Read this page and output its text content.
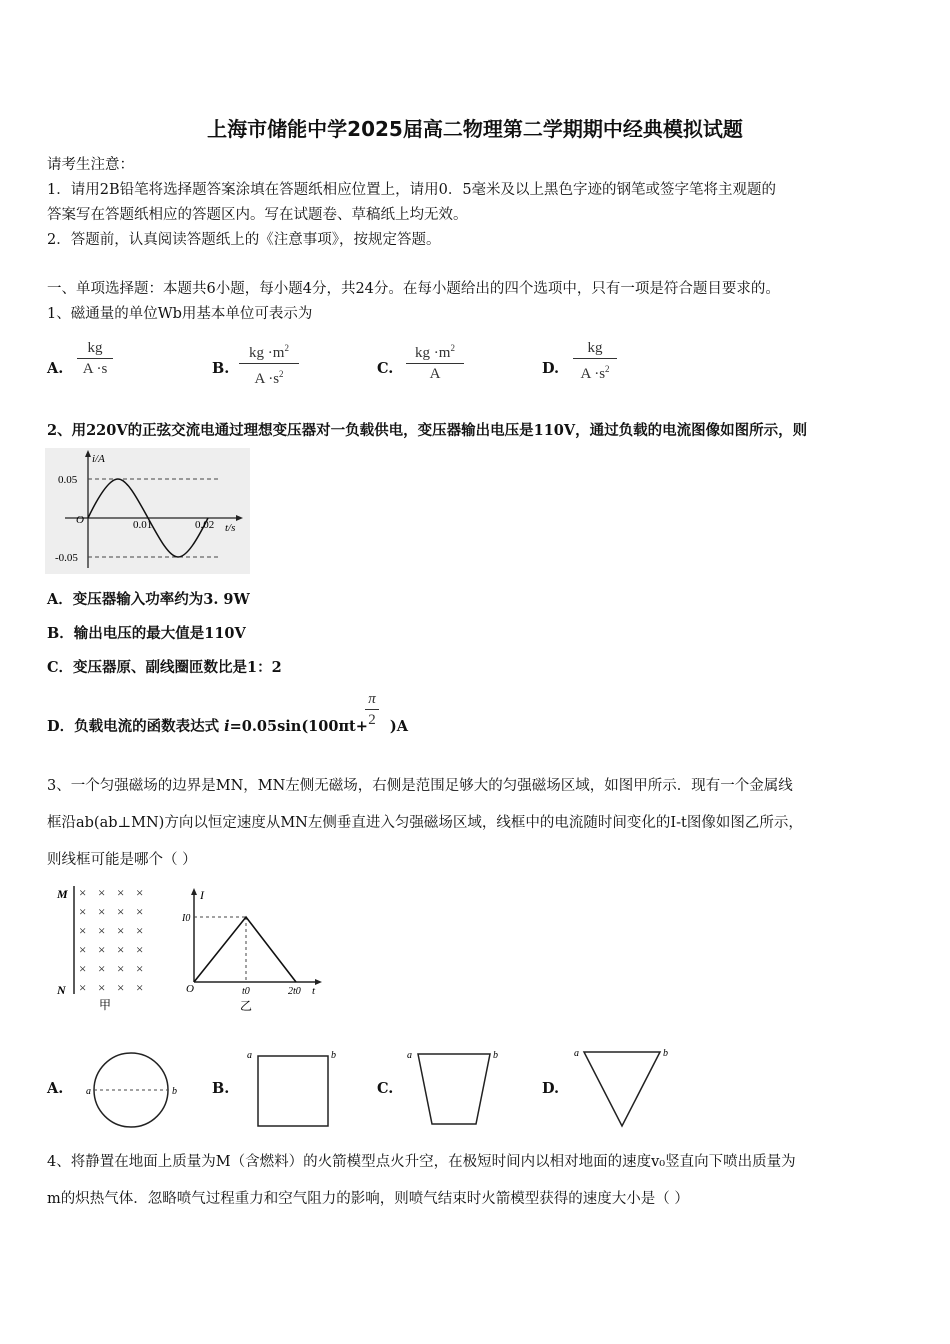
上海市储能中学2025届高二物理第二学期期中经典模拟试题
请考生注意：
1．请用2B铅笔将选择题答案涂填在答题纸相应位置上，请用0．5毫米及以上黑色字迹的钢笔或签字笔将主观题的
答案写在答题纸相应的答题区内。写在试题卷、草稿纸上均无效。
2．答题前，认真阅读答题纸上的《注意事项》，按规定答题。
一、单项选择题：本题共6小题，每小题4分，共24分。在每小题给出的四个选项中，只有一项是符合题目要求的。
1、磁通量的单位Wb用基本单位可表示为
A.
kg
A ·s	B.
kg $\cdot m^2$
$A \cdot s^2$	C.
kg $\cdot m^2$
A	D.
kg
$A \cdot s^2$
2、用220V的正弦交流电通过理想变压器对一负载供电，变压器输出电压是110V，通过负载的电流图像如图所示，则
i/A
t/s
0.05
-0.05
O	0.01	0.02
A．变压器输入功率约为3. 9W
B．输出电压的最大值是110V
C．变压器原、副线圈匝数比是1：2
D．负载电流的函数表达式 i=0.05sin(100πt+ )A
π
2
3、一个匀强磁场的边界是MN，MN左侧无磁场，右侧是范围足够大的匀强磁场区域，如图甲所示．现有一个金属线
框沿ab(ab⊥MN)方向以恒定速度从MN左侧垂直进入匀强磁场区域，线框中的电流随时间变化的I-t图像如图乙所示，
则线框可能是哪个（ ）
M
N
× × × ×
× × × ×
× × × ×
× × × ×
× × × ×
× × × ×
甲
I
I0
O	t0	2t0 t
乙
A. a	b B.
a	b
C.
a	b
D.
a	b
4、将静置在地面上质量为M（含燃料）的火箭模型点火升空，在极短时间内以相对地面的速度v₀竖直向下喷出质量为
m的炽热气体．忽略喷气过程重力和空气阻力的影响，则喷气结束时火箭模型获得的速度大小是（ ）
